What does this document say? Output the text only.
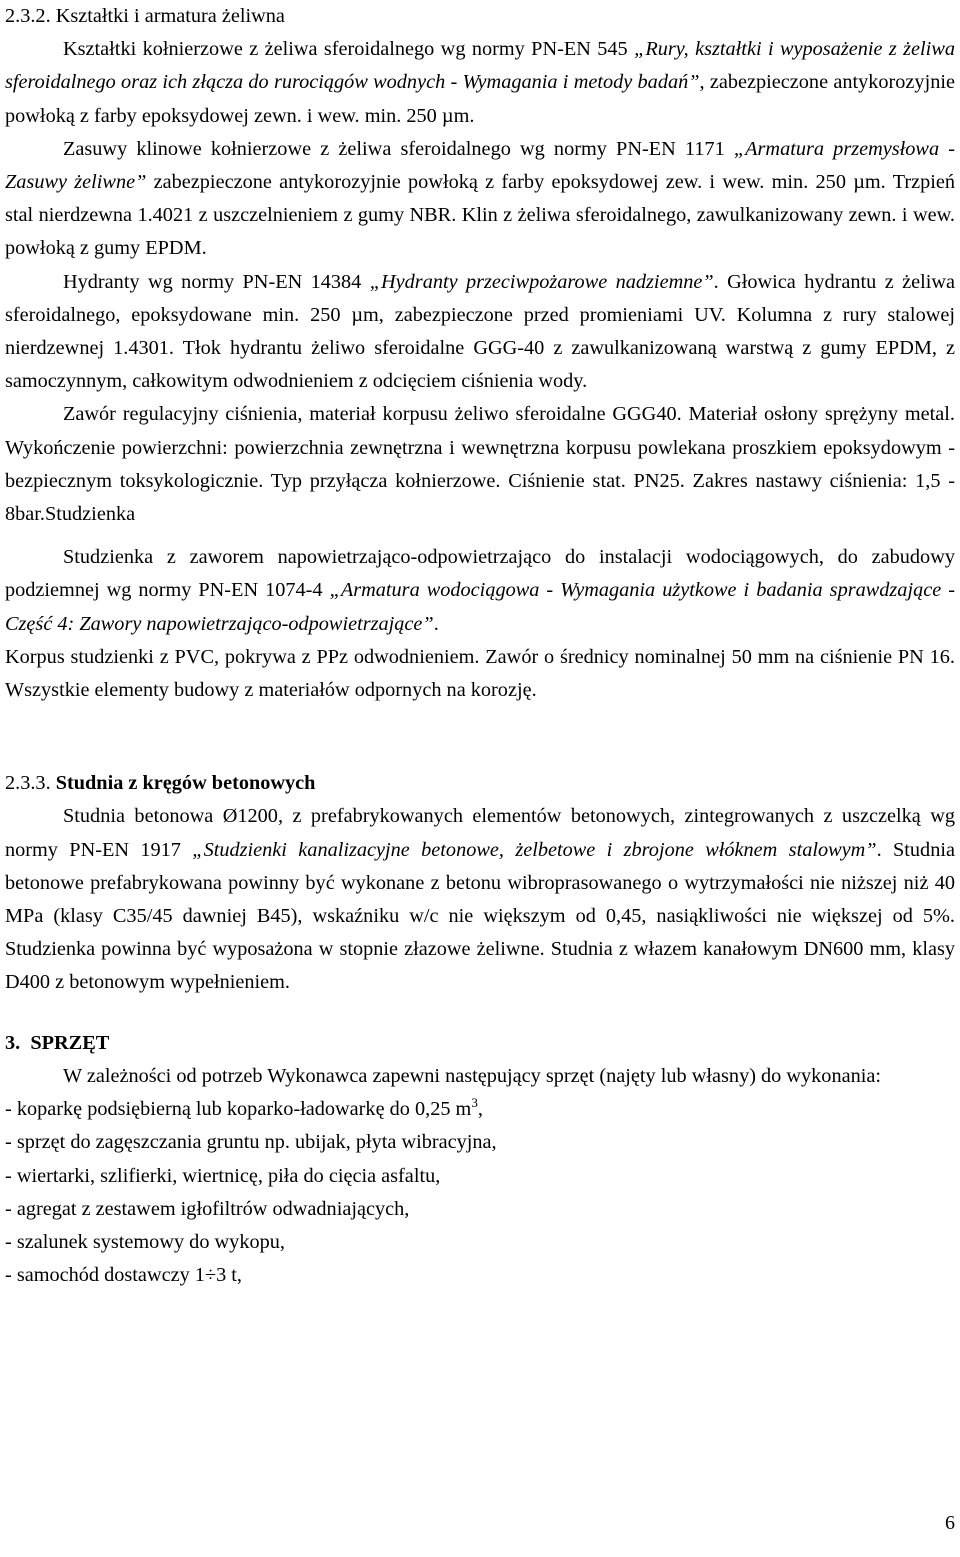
2.3.2. Kształtki i armatura żeliwna

Kształtki kołnierzowe z żeliwa sferoidalnego wg normy PN-EN 545 „Rury, kształtki i wyposażenie z żeliwa sferoidalnego oraz ich złącza do rurociągów wodnych - Wymagania i metody badań”, zabezpieczone antykorozyjnie powłoką z farby epoksydowej zewn. i wew. min. 250 µm.

Zasuwy klinowe kołnierzowe z żeliwa sferoidalnego wg normy PN-EN 1171 „Armatura przemysłowa - Zasuwy żeliwne” zabezpieczone antykorozyjnie powłoką z farby epoksydowej zew. i wew. min. 250 µm. Trzpień stal nierdzewna 1.4021 z uszczelnieniem z gumy NBR. Klin z żeliwa sferoidalnego, zawulkanizowany zewn. i wew. powłoką z gumy EPDM.

Hydranty wg normy PN-EN 14384 „Hydranty przeciwpożarowe nadziemne”. Głowica hydrantu z żeliwa sferoidalnego, epoksydowane min. 250 µm, zabezpieczone przed promieniami UV. Kolumna z rury stalowej nierdzewnej 1.4301. Tłok hydrantu żeliwo sferoidalne GGG-40 z zawulkanizowaną warstwą z gumy EPDM, z samoczynnym, całkowitym odwodnieniem z odcięciem ciśnienia wody.

Zawór regulacyjny ciśnienia, materiał korpusu żeliwo sferoidalne GGG40. Materiał osłony sprężyny metal. Wykończenie powierzchni: powierzchnia zewnętrzna i wewnętrzna korpusu powlekana proszkiem epoksydowym - bezpiecznym toksykologicznie. Typ przyłącza kołnierzowe. Ciśnienie stat. PN25. Zakres nastawy ciśnienia: 1,5 - 8bar.Studzienka

Studzienka z zaworem napowietrzająco-odpowietrzająco do instalacji wodociągowych, do zabudowy podziemnej wg normy PN-EN 1074-4 „Armatura wodociągowa - Wymagania użytkowe i badania sprawdzające - Część 4: Zawory napowietrzająco-odpowietrzające”.

Korpus studzienki z PVC, pokrywa z PPz odwodnieniem. Zawór o średnicy nominalnej 50 mm na ciśnienie PN 16. Wszystkie elementy budowy z materiałów odpornych na korozję.

2.3.3. Studnia z kręgów betonowych

Studnia betonowa Ø1200, z prefabrykowanych elementów betonowych, zintegrowanych z uszczelką wg normy PN-EN 1917 „Studzienki kanalizacyjne betonowe, żelbetowe i zbrojone włóknem stalowym”. Studnia betonowe prefabrykowana powinny być wykonane z betonu wibroprasowanego o wytrzymałości nie niższej niż 40 MPa (klasy C35/45 dawniej B45), wskaźniku w/c nie większym od 0,45, nasiąkliwości nie większej od 5%. Studzienka powinna być wyposażona w stopnie złazowe żeliwne. Studnia z włazem kanałowym DN600 mm, klasy D400 z betonowym wypełnieniem.

3. SPRZĘT

W zależności od potrzeb Wykonawca zapewni następujący sprzęt (najęty lub własny) do wykonania:

- koparkę podsiębierną lub koparko-ładowarkę do 0,25 $m^3$,
- sprzęt do zagęszczania gruntu np. ubijak, płyta wibracyjna,
- wiertarki, szlifierki, wiertnicę, piła do cięcia asfaltu,
- agregat z zestawem igłofiltrów odwadniających,
- szalunek systemowy do wykopu,
- samochód dostawczy 1÷3 t,
6
